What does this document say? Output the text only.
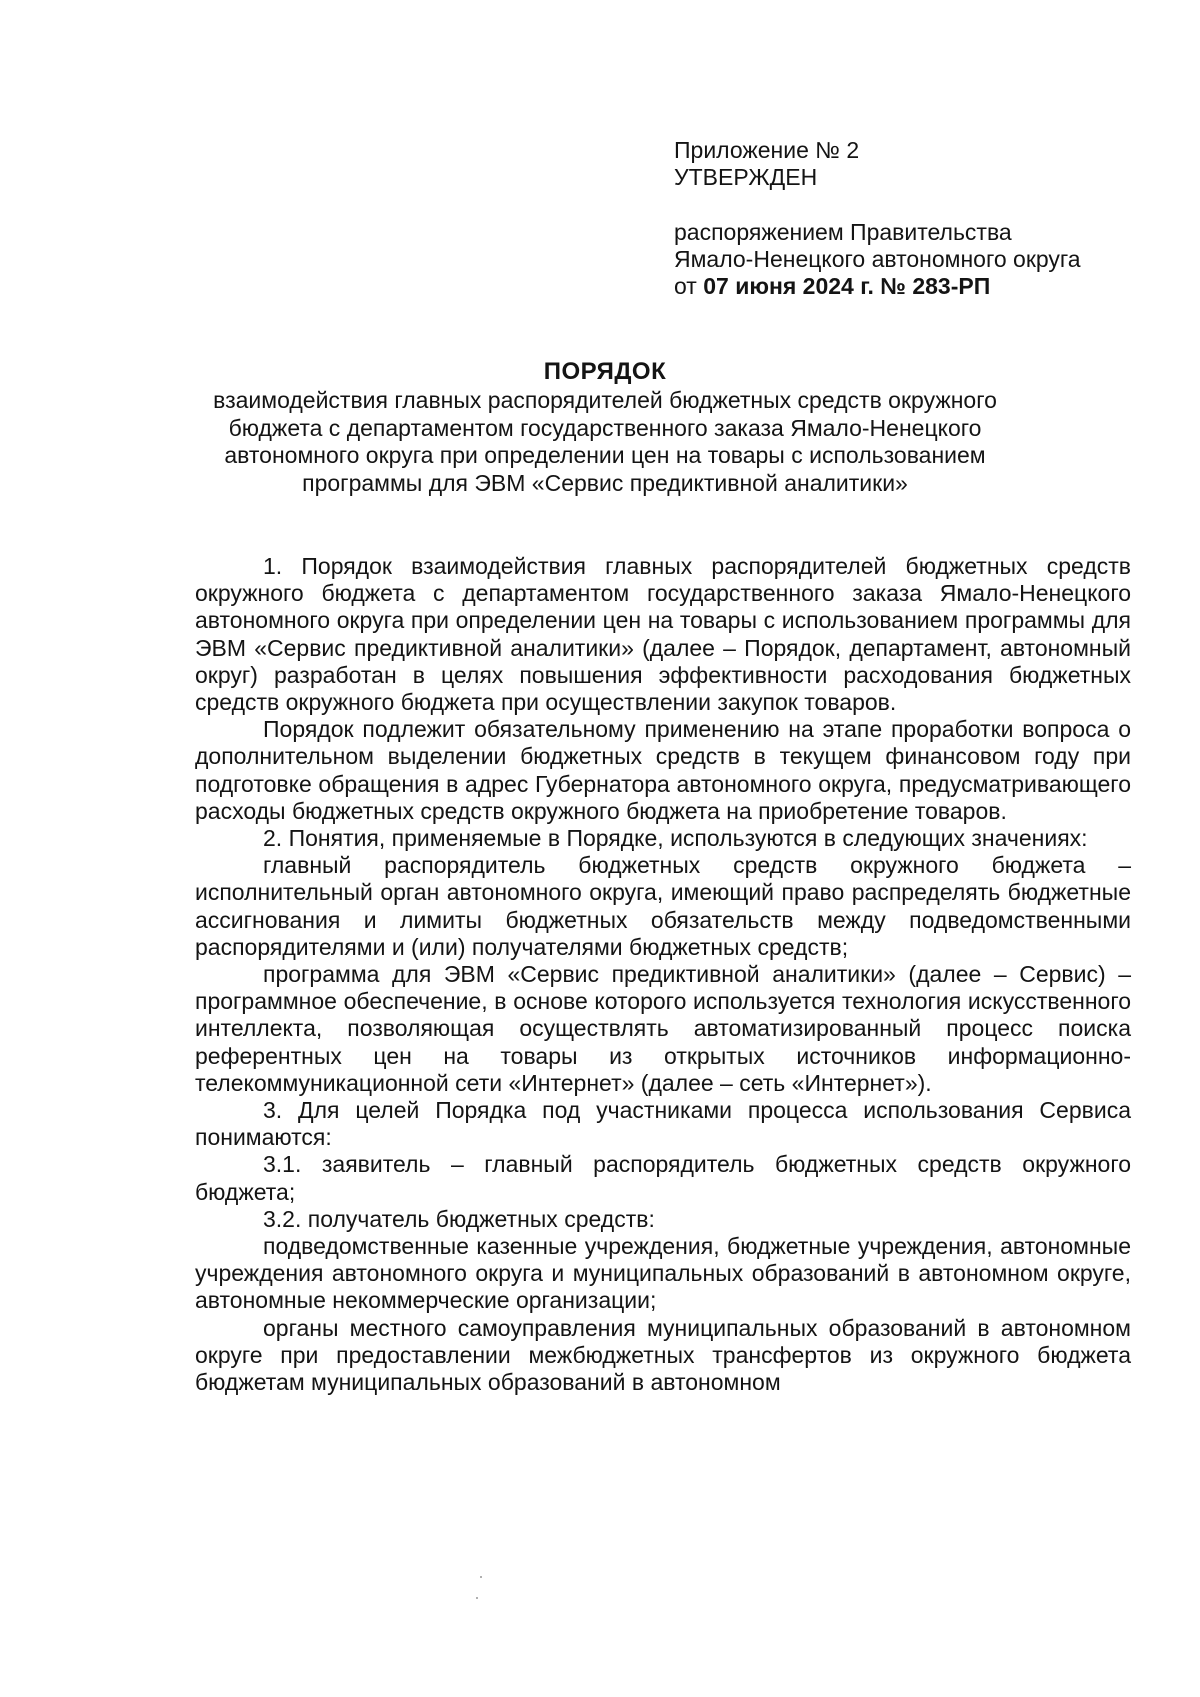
Приложение № 2
УТВЕРЖДЕН
распоряжением Правительства
Ямало-Ненецкого автономного округа
от 07 июня 2024 г. № 283-РП
ПОРЯДОК
взаимодействия главных распорядителей бюджетных средств окружного
бюджета с департаментом государственного заказа Ямало-Ненецкого
автономного округа при определении цен на товары с использованием
программы для ЭВМ «Сервис предиктивной аналитики»

1. Порядок взаимодействия главных распорядителей бюджетных средств окружного бюджета с департаментом государственного заказа Ямало-Ненецкого автономного округа при определении цен на товары с использованием программы для ЭВМ «Сервис предиктивной аналитики» (далее – Порядок, департамент, автономный округ) разработан в целях повышения эффективности расходования бюджетных средств окружного бюджета при осуществлении закупок товаров.

Порядок подлежит обязательному применению на этапе проработки вопроса о дополнительном выделении бюджетных средств в текущем финансовом году при подготовке обращения в адрес Губернатора автономного округа, предусматривающего расходы бюджетных средств окружного бюджета на приобретение товаров.

2. Понятия, применяемые в Порядке, используются в следующих значениях:

главный распорядитель бюджетных средств окружного бюджета – исполнительный орган автономного округа, имеющий право распределять бюджетные ассигнования и лимиты бюджетных обязательств между подведомственными распорядителями и (или) получателями бюджетных средств;

программа для ЭВМ «Сервис предиктивной аналитики» (далее – Сервис) – программное обеспечение, в основе которого используется технология искусственного интеллекта, позволяющая осуществлять автоматизированный процесс поиска референтных цен на товары из открытых источников информационно-телекоммуникационной сети «Интернет» (далее – сеть «Интернет»).

3. Для целей Порядка под участниками процесса использования Сервиса понимаются:

3.1. заявитель – главный распорядитель бюджетных средств окружного бюджета;

3.2. получатель бюджетных средств:

подведомственные казенные учреждения, бюджетные учреждения, автономные учреждения автономного округа и муниципальных образований в автономном округе, автономные некоммерческие организации;

органы местного самоуправления муниципальных образований в автономном округе при предоставлении межбюджетных трансфертов из окружного бюджета бюджетам муниципальных образований в автономном
